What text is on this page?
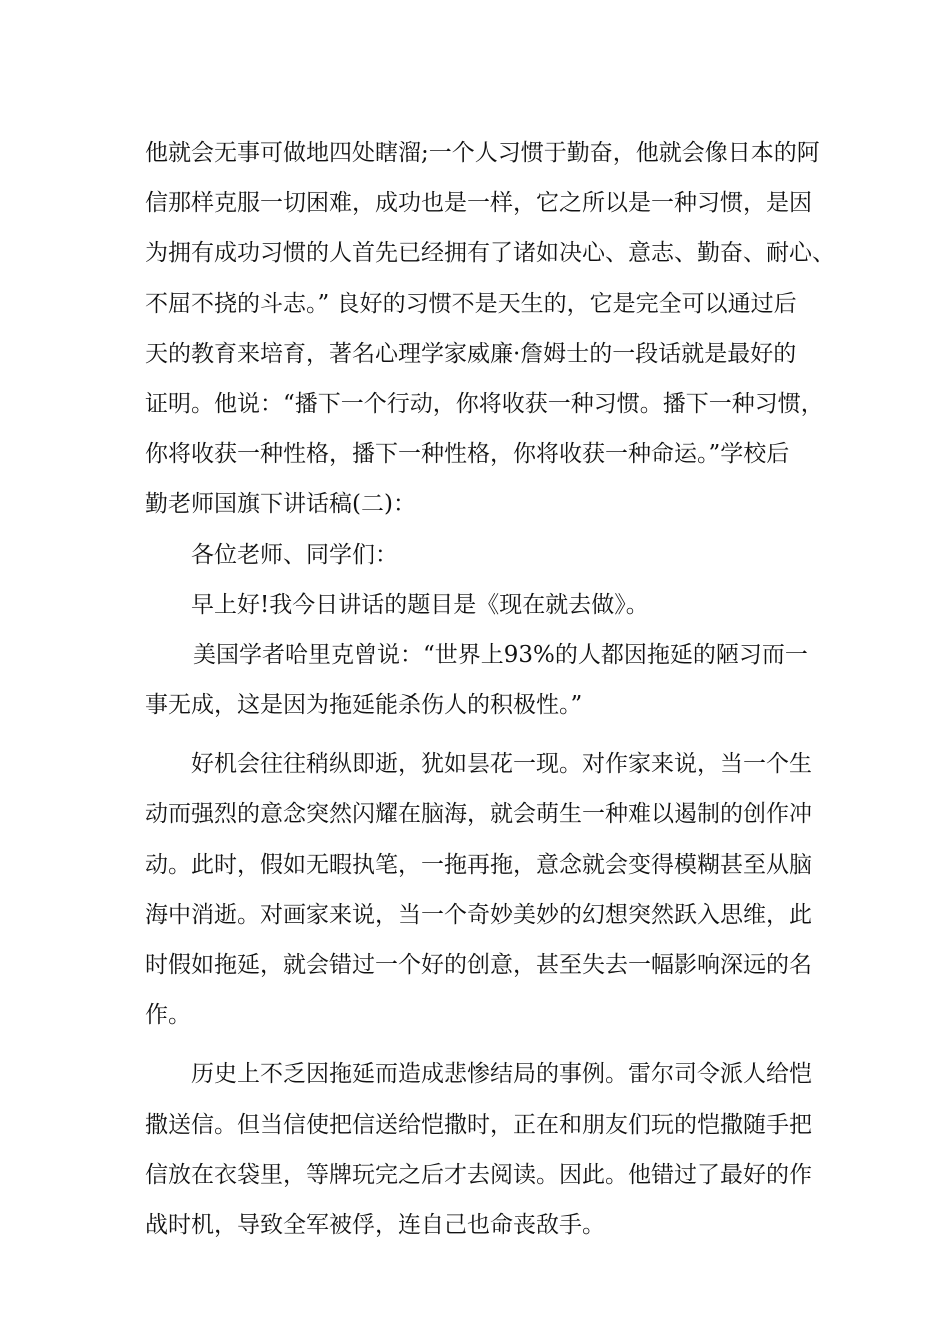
他就会无事可做地四处瞎溜;一个人习惯于勤奋，他就会像日本的阿
信那样克服一切困难，成功也是一样，它之所以是一种习惯，是因
为拥有成功习惯的人首先已经拥有了诸如决心、意志、勤奋、耐心、
不屈不挠的斗志。” 良好的习惯不是天生的，它是完全可以通过后
天的教育来培育，著名心理学家威廉·詹姆士的一段话就是最好的
证明。他说：“播下一个行动，你将收获一种习惯。播下一种习惯，
你将收获一种性格，播下一种性格，你将收获一种命运。”学校后
勤老师国旗下讲话稿(二)：
各位老师、同学们：
早上好!我今日讲话的题目是《现在就去做》。
美国学者哈里克曾说：“世界上93%的人都因拖延的陋习而一
事无成，这是因为拖延能杀伤人的积极性。”
好机会往往稍纵即逝，犹如昙花一现。对作家来说，当一个生
动而强烈的意念突然闪耀在脑海，就会萌生一种难以遏制的创作冲
动。此时，假如无暇执笔，一拖再拖，意念就会变得模糊甚至从脑
海中消逝。对画家来说，当一个奇妙美妙的幻想突然跃入思维，此
时假如拖延，就会错过一个好的创意，甚至失去一幅影响深远的名
作。
历史上不乏因拖延而造成悲惨结局的事例。雷尔司令派人给恺
撒送信。但当信使把信送给恺撒时，正在和朋友们玩的恺撒随手把
信放在衣袋里，等牌玩完之后才去阅读。因此。他错过了最好的作
战时机，导致全军被俘，连自己也命丧敌手。
